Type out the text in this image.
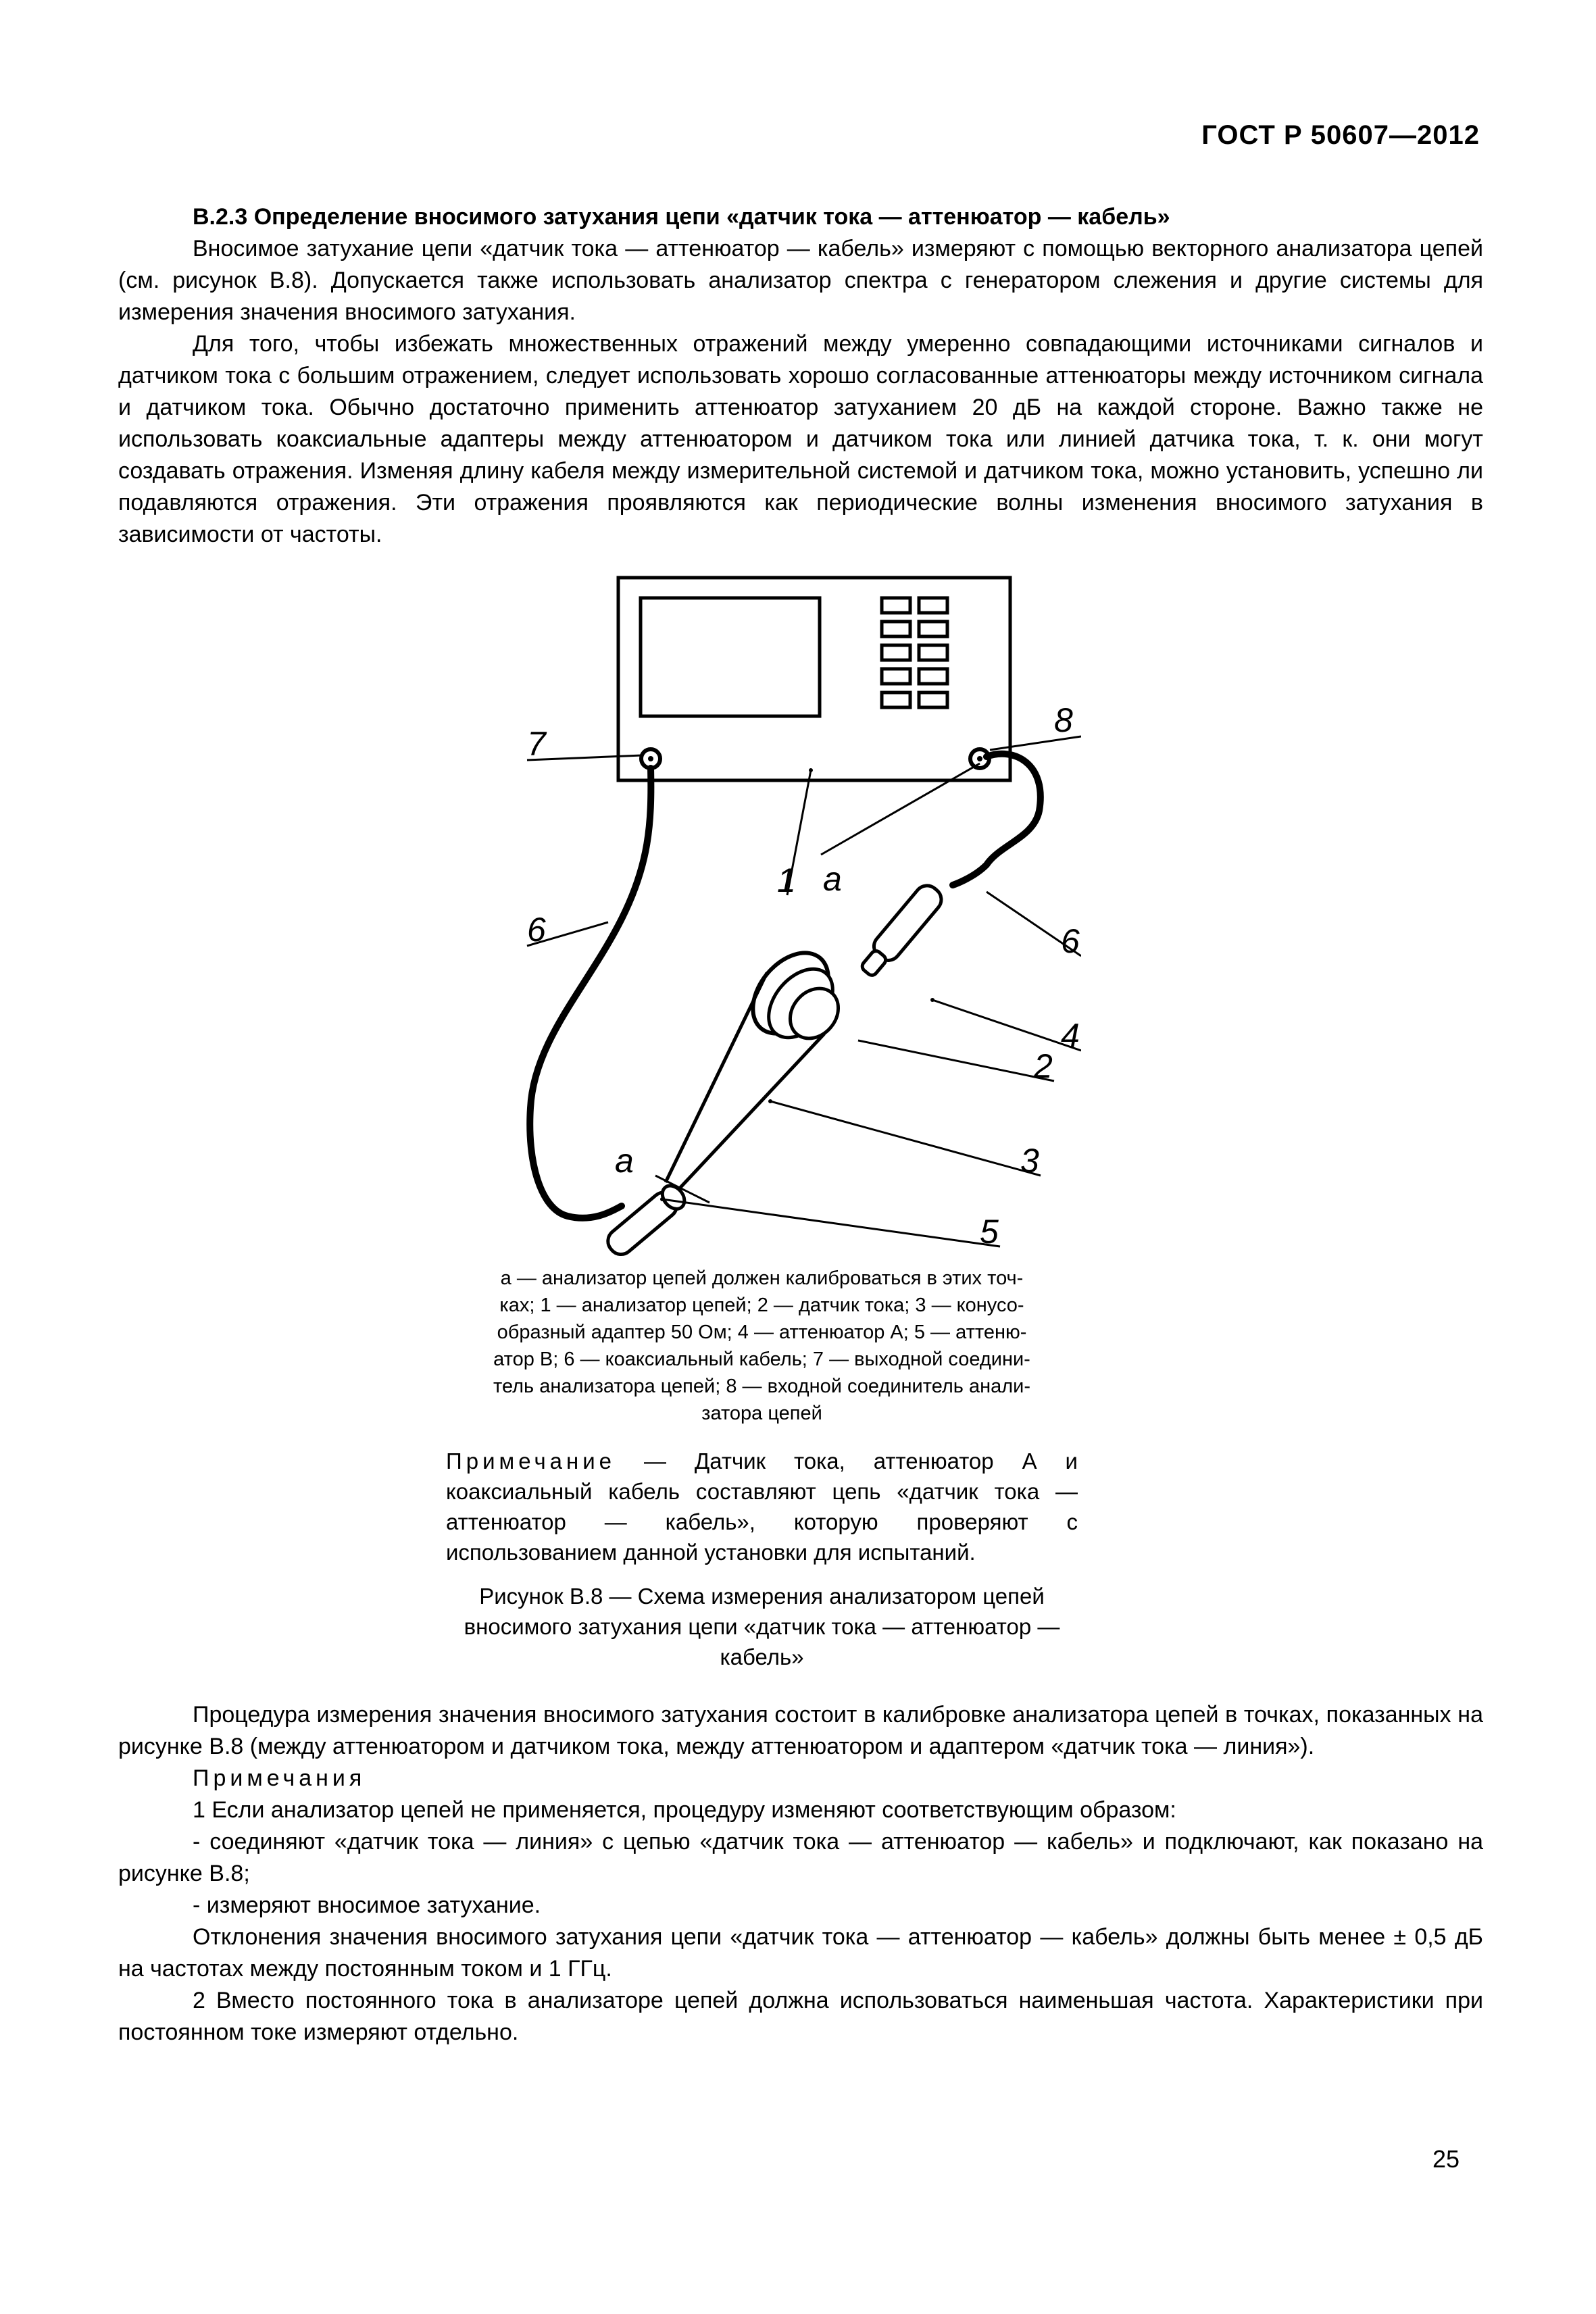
ГОСТ Р 50607—2012

В.2.3 Определение вносимого затухания цепи «датчик тока — аттенюатор — кабель»

Вносимое затухание цепи «датчик тока — аттенюатор — кабель» измеряют с помощью векторного анализатора цепей (см. рисунок В.8). Допускается также использовать анализатор спектра с генератором слежения и другие системы для измерения значения вносимого затухания.

Для того, чтобы избежать множественных отражений между умеренно совпадающими источниками сигналов и датчиком тока с большим отражением, следует использовать хорошо согласованные аттенюаторы между источником сигнала и датчиком тока. Обычно достаточно применить аттенюатор затуханием 20 дБ на каждой стороне. Важно также не использовать коаксиальные адаптеры между аттенюатором и датчиком тока или линией датчика тока, т. к. они могут создавать отражения. Изменяя длину кабеля между измерительной системой и датчиком тока, можно установить, успешно ли подавляются отражения. Эти отражения проявляются как периодические волны изменения вносимого затухания в зависимости от частоты.

7
8
1 a
6	6
4
2
a	3
5

a — анализатор цепей должен калиброваться в этих точ-

ках; 1 — анализатор цепей; 2 — датчик тока; 3 — конусо-

образный адаптер 50 Ом; 4 — аттенюатор А; 5 — аттеню-

атор В; 6 — коаксиальный кабель; 7 — выходной соедини-

тель анализатора цепей; 8 — входной соединитель анали-

затора цепей

Примечание — Датчик тока, аттенюатор А и коаксиальный кабель составляют цепь «датчик тока — аттенюатор — кабель», которую проверяют с использованием данной установки для испытаний.

Рисунок В.8 — Схема измерения анализатором цепей вносимого затухания цепи «датчик тока — аттенюатор — кабель»

Процедура измерения значения вносимого затухания состоит в калибровке анализатора цепей в точках, показанных на рисунке В.8 (между аттенюатором и датчиком тока, между аттенюатором и адаптером «датчик тока — линия»).

Примечания

1 Если анализатор цепей не применяется, процедуру изменяют соответствующим образом:

- соединяют «датчик тока — линия» с цепью «датчик тока — аттенюатор — кабель» и подключают, как показано на рисунке В.8;

- измеряют вносимое затухание.

Отклонения значения вносимого затухания цепи «датчик тока — аттенюатор — кабель» должны быть менее ± 0,5 дБ на частотах между постоянным током и 1 ГГц.

2 Вместо постоянного тока в анализаторе цепей должна использоваться наименьшая частота. Характеристики при постоянном токе измеряют отдельно.

25
